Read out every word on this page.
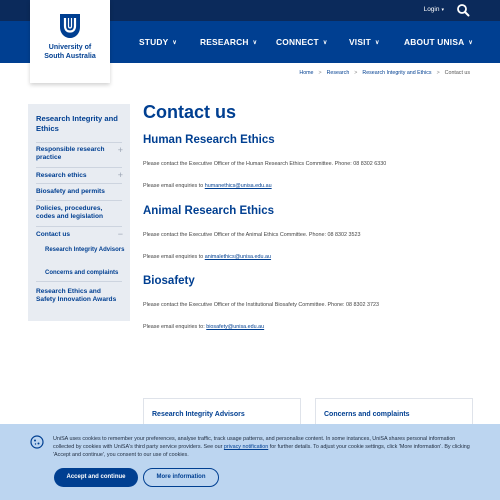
Login ▾
STUDY ∨	RESEARCH ∨ CONNECT ∨	VISIT ∨	ABOUT UNISA ∨
University of
South Australia
Home > Research > Research Integrity and Ethics > Contact us
Research Integrity and Ethics
Responsible research practice
+
Research ethics	+
Biosafety and permits
Policies, procedures, codes and legislation
Contact us	−
Research Integrity Advisors
Concerns and complaints
Research Ethics and Safety Innovation Awards
Contact us
Human Research Ethics
Please contact the Executive Officer of the Human Research Ethics Committee. Phone: 08 8302 6330
Please email enquiries to humanethics@unisa.edu.au
Animal Research Ethics
Please contact the Executive Officer of the Animal Ethics Committee. Phone: 08 8302 3523
Please email enquiries to animalethics@unisa.edu.au
Biosafety
Please contact the Executive Officer of the Institutional Biosafety Committee. Phone: 08 8302 3723
Please email enquiries to: biosafety@unisa.edu.au
Research Integrity Advisors	Concerns and complaints
UniSA uses cookies to remember your preferences, analyse traffic, track usage patterns, and personalise content. In some instances, UniSA shares personal information collected by cookies with UniSA's third party service providers. See our privacy notification for further details. To adjust your cookie settings, click 'More information'. By clicking 'Accept and continue', you consent to our use of cookies.
Accept and continue	More information
